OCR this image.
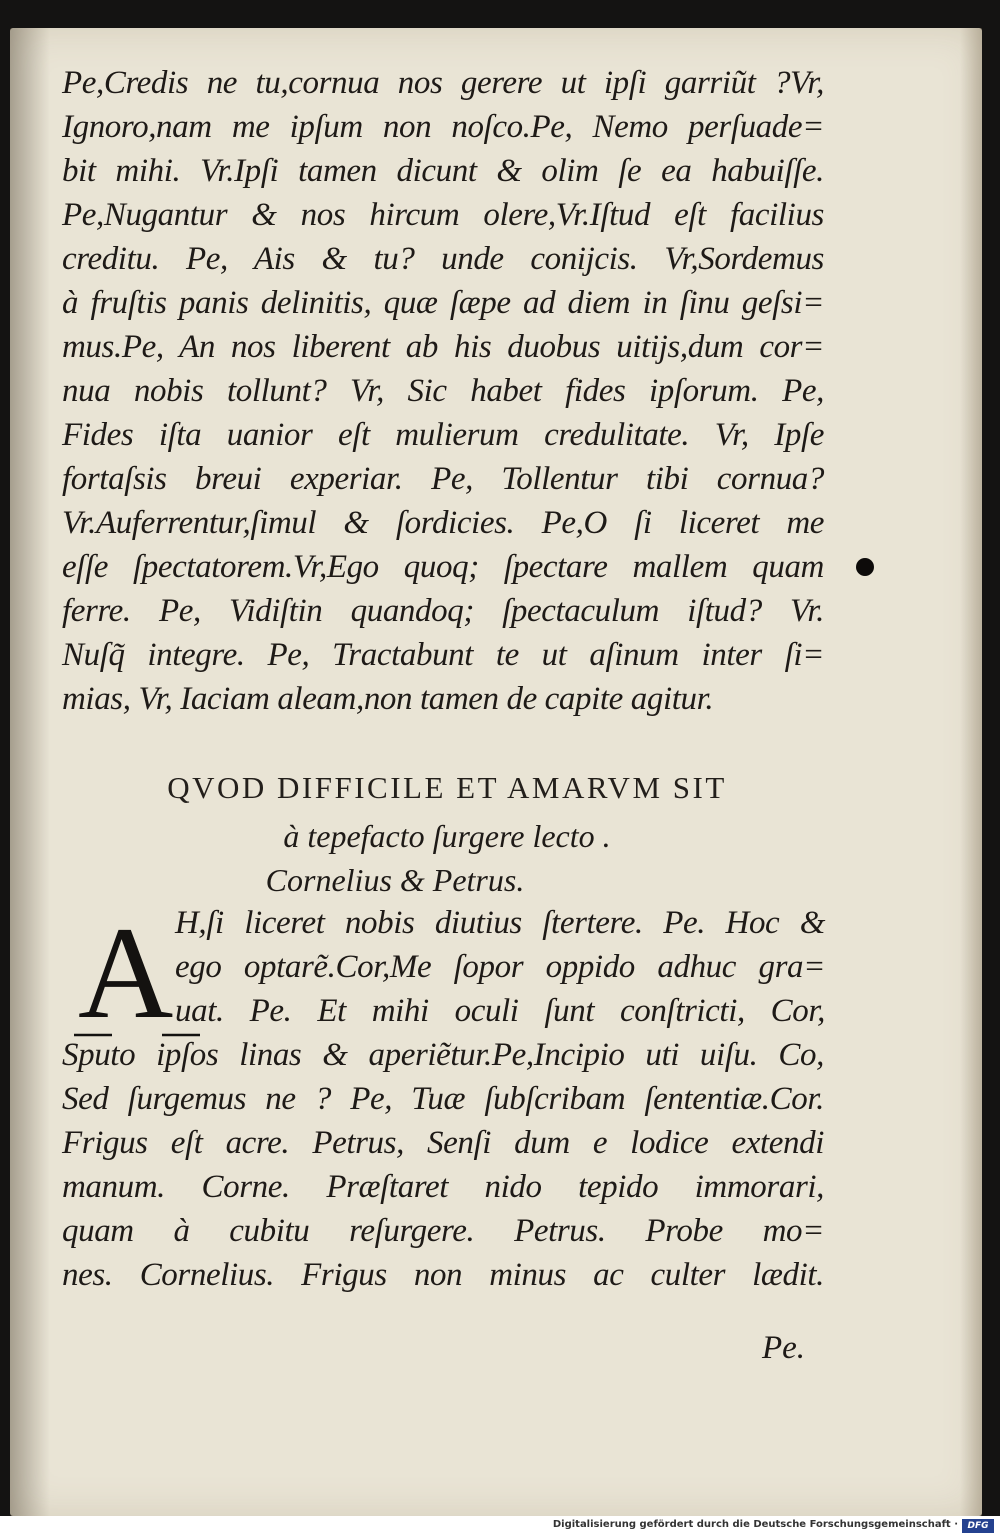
Pe,Credis ne tu,cornua nos gerere ut ipſi garriũt ?Vr,
Ignoro,nam me ipſum non noſco.Pe, Nemo perſuade=
bit mihi. Vr.Ipſi tamen dicunt & olim ſe ea habuiſſe.
Pe,Nugantur & nos hircum olere,Vr.Iſtud eſt facilius
creditu. Pe, Ais & tu? unde conijcis. Vr,Sordemus
à fruſtis panis delinitis, quæ ſæpe ad diem in ſinu geſsi=
mus.Pe, An nos liberent ab his duobus uitijs,dum cor=
nua nobis tollunt? Vr, Sic habet fides ipſorum. Pe,
Fides iſta uanior eſt mulierum credulitate. Vr, Ipſe
fortaſsis breui experiar. Pe, Tollentur tibi cornua?
Vr.Auferrentur,ſimul & ſordicies. Pe,O ſi liceret me
eſſe ſpectatorem.Vr,Ego quoq; ſpectare mallem quam
ferre. Pe, Vidiſtin quandoq; ſpectaculum iſtud? Vr.
Nuſq̃ integre. Pe, Tractabunt te ut aſinum inter ſi=
mias, Vr, Iaciam aleam,non tamen de capite agitur.
QVOD DIFFICILE ET AMARVM SIT
à tepefacto ſurgere lecto .
Cornelius & Petrus.
A H,ſi liceret nobis diutius ſtertere. Pe. Hoc &
ego optarẽ.Cor,Me ſopor oppido adhuc gra=
uat. Pe. Et mihi oculi ſunt conſtricti, Cor,
Sputo ipſos linas & aperiẽtur.Pe,Incipio uti uiſu. Co,
Sed ſurgemus ne ? Pe, Tuæ ſubſcribam ſententiæ.Cor.
Frigus eſt acre. Petrus, Senſi dum e lodice extendi
manum. Corne. Præſtaret nido tepido immorari,
quam à cubitu reſurgere. Petrus. Probe mo=
nes. Cornelius. Frigus non minus ac culter lædit.
Pe.
Digitalisierung gefördert durch die Deutsche Forschungsgemeinschaft ·	DFG
